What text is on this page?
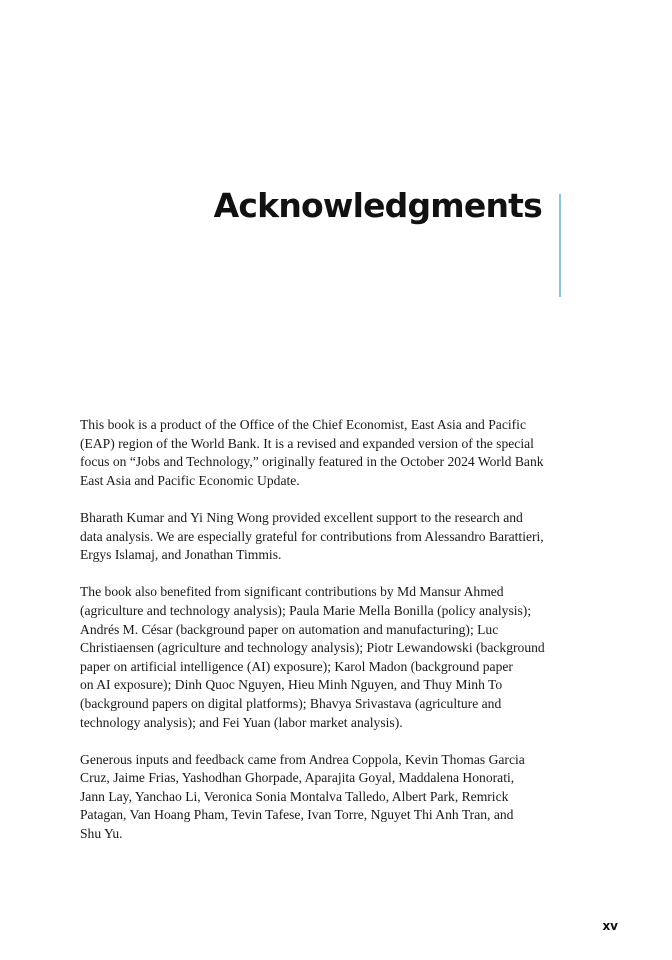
Acknowledgments

This book is a product of the Office of the Chief Economist, East Asia and Pacific
(EAP) region of the World Bank. It is a revised and expanded version of the special
focus on “Jobs and Technology,” originally featured in the October 2024 World Bank
East Asia and Pacific Economic Update.

Bharath Kumar and Yi Ning Wong provided excellent support to the research and
data analysis. We are especially grateful for contributions from Alessandro Barattieri,
Ergys Islamaj, and Jonathan Timmis.

The book also benefited from significant contributions by Md Mansur Ahmed
(agriculture and technology analysis); Paula Marie Mella Bonilla (policy analysis);
Andrés M. César (background paper on automation and manufacturing); Luc
Christiaensen (agriculture and technology analysis); Piotr Lewandowski (background
paper on artificial intelligence (AI) exposure); Karol Madon (background paper
on AI exposure); Dinh Quoc Nguyen, Hieu Minh Nguyen, and Thuy Minh To
(background papers on digital platforms); Bhavya Srivastava (agriculture and
technology analysis); and Fei Yuan (labor market analysis).

Generous inputs and feedback came from Andrea Coppola, Kevin Thomas Garcia
Cruz, Jaime Frias, Yashodhan Ghorpade, Aparajita Goyal, Maddalena Honorati,
Jann Lay, Yanchao Li, Veronica Sonia Montalva Talledo, Albert Park, Remrick
Patagan, Van Hoang Pham, Tevin Tafese, Ivan Torre, Nguyet Thi Anh Tran, and
Shu Yu.

xv
